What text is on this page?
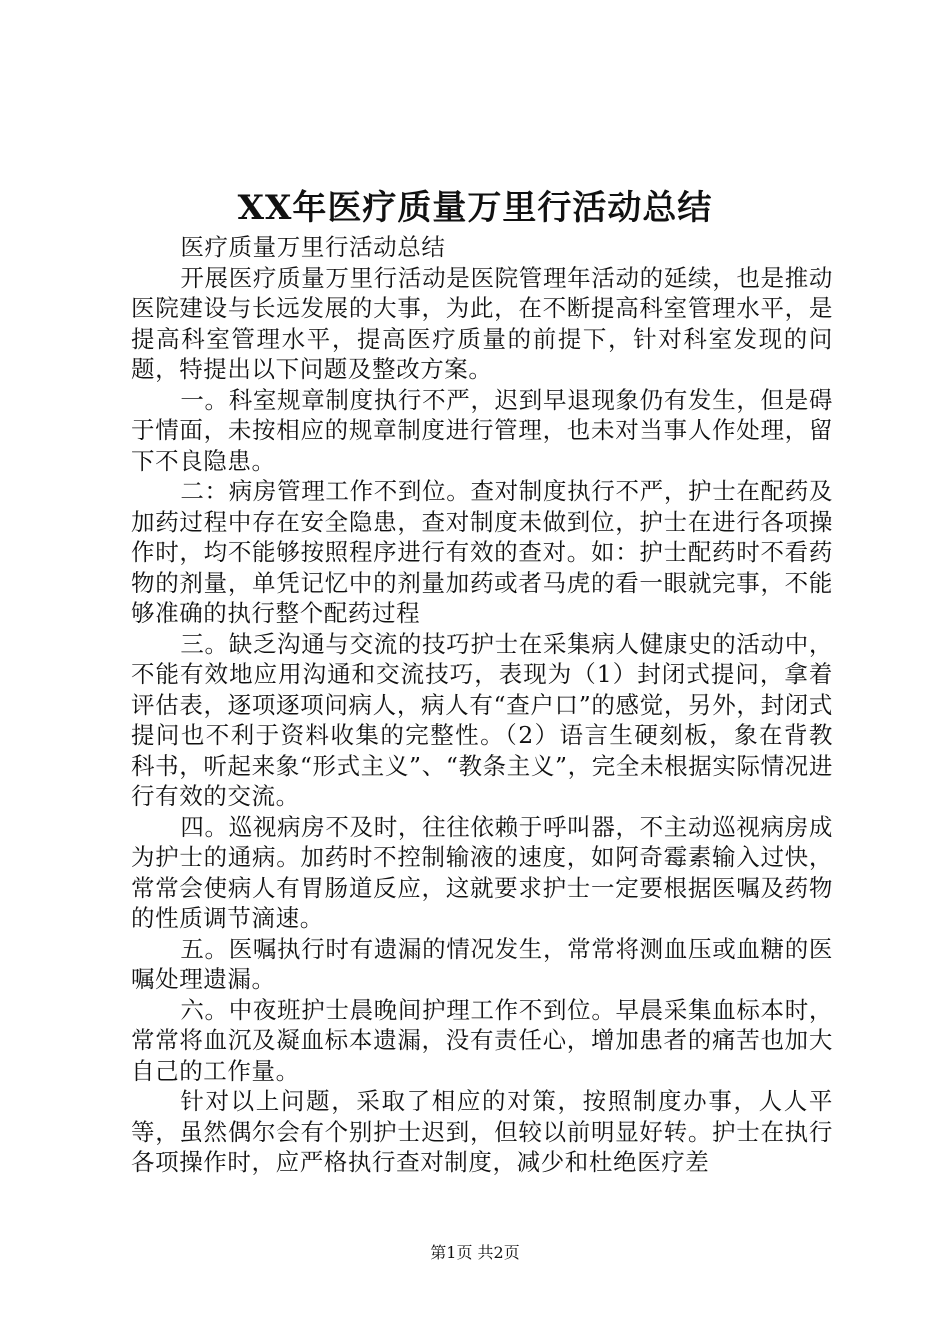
XX年医疗质量万里行活动总结

医疗质量万里行活动总结

开展医疗质量万里行活动是医院管理年活动的延续，也是推动医院建设与长远发展的大事，为此，在不断提高科室管理水平，是提高科室管理水平，提高医疗质量的前提下，针对科室发现的问题，特提出以下问题及整改方案。

一。科室规章制度执行不严，迟到早退现象仍有发生，但是碍于情面，未按相应的规章制度进行管理，也未对当事人作处理，留下不良隐患。

二：病房管理工作不到位。查对制度执行不严，护士在配药及加药过程中存在安全隐患，查对制度未做到位，护士在进行各项操作时，均不能够按照程序进行有效的查对。如：护士配药时不看药物的剂量，单凭记忆中的剂量加药或者马虎的看一眼就完事，不能够准确的执行整个配药过程

三。缺乏沟通与交流的技巧护士在采集病人健康史的活动中，不能有效地应用沟通和交流技巧，表现为（1）封闭式提问，拿着评估表，逐项逐项问病人，病人有“查户口”的感觉，另外，封闭式提问也不利于资料收集的完整性。（2）语言生硬刻板，象在背教科书，听起来象“形式主义”、“教条主义”，完全未根据实际情况进行有效的交流。

四。巡视病房不及时，往往依赖于呼叫器，不主动巡视病房成为护士的通病。加药时不控制输液的速度，如阿奇霉素输入过快，常常会使病人有胃肠道反应，这就要求护士一定要根据医嘱及药物的性质调节滴速。

五。医嘱执行时有遗漏的情况发生，常常将测血压或血糖的医嘱处理遗漏。

六。中夜班护士晨晚间护理工作不到位。早晨采集血标本时，常常将血沉及凝血标本遗漏，没有责任心，增加患者的痛苦也加大自己的工作量。

针对以上问题，采取了相应的对策，按照制度办事，人人平等，虽然偶尔会有个别护士迟到，但较以前明显好转。护士在执行各项操作时，应严格执行查对制度，减少和杜绝医疗差

第1页 共2页
